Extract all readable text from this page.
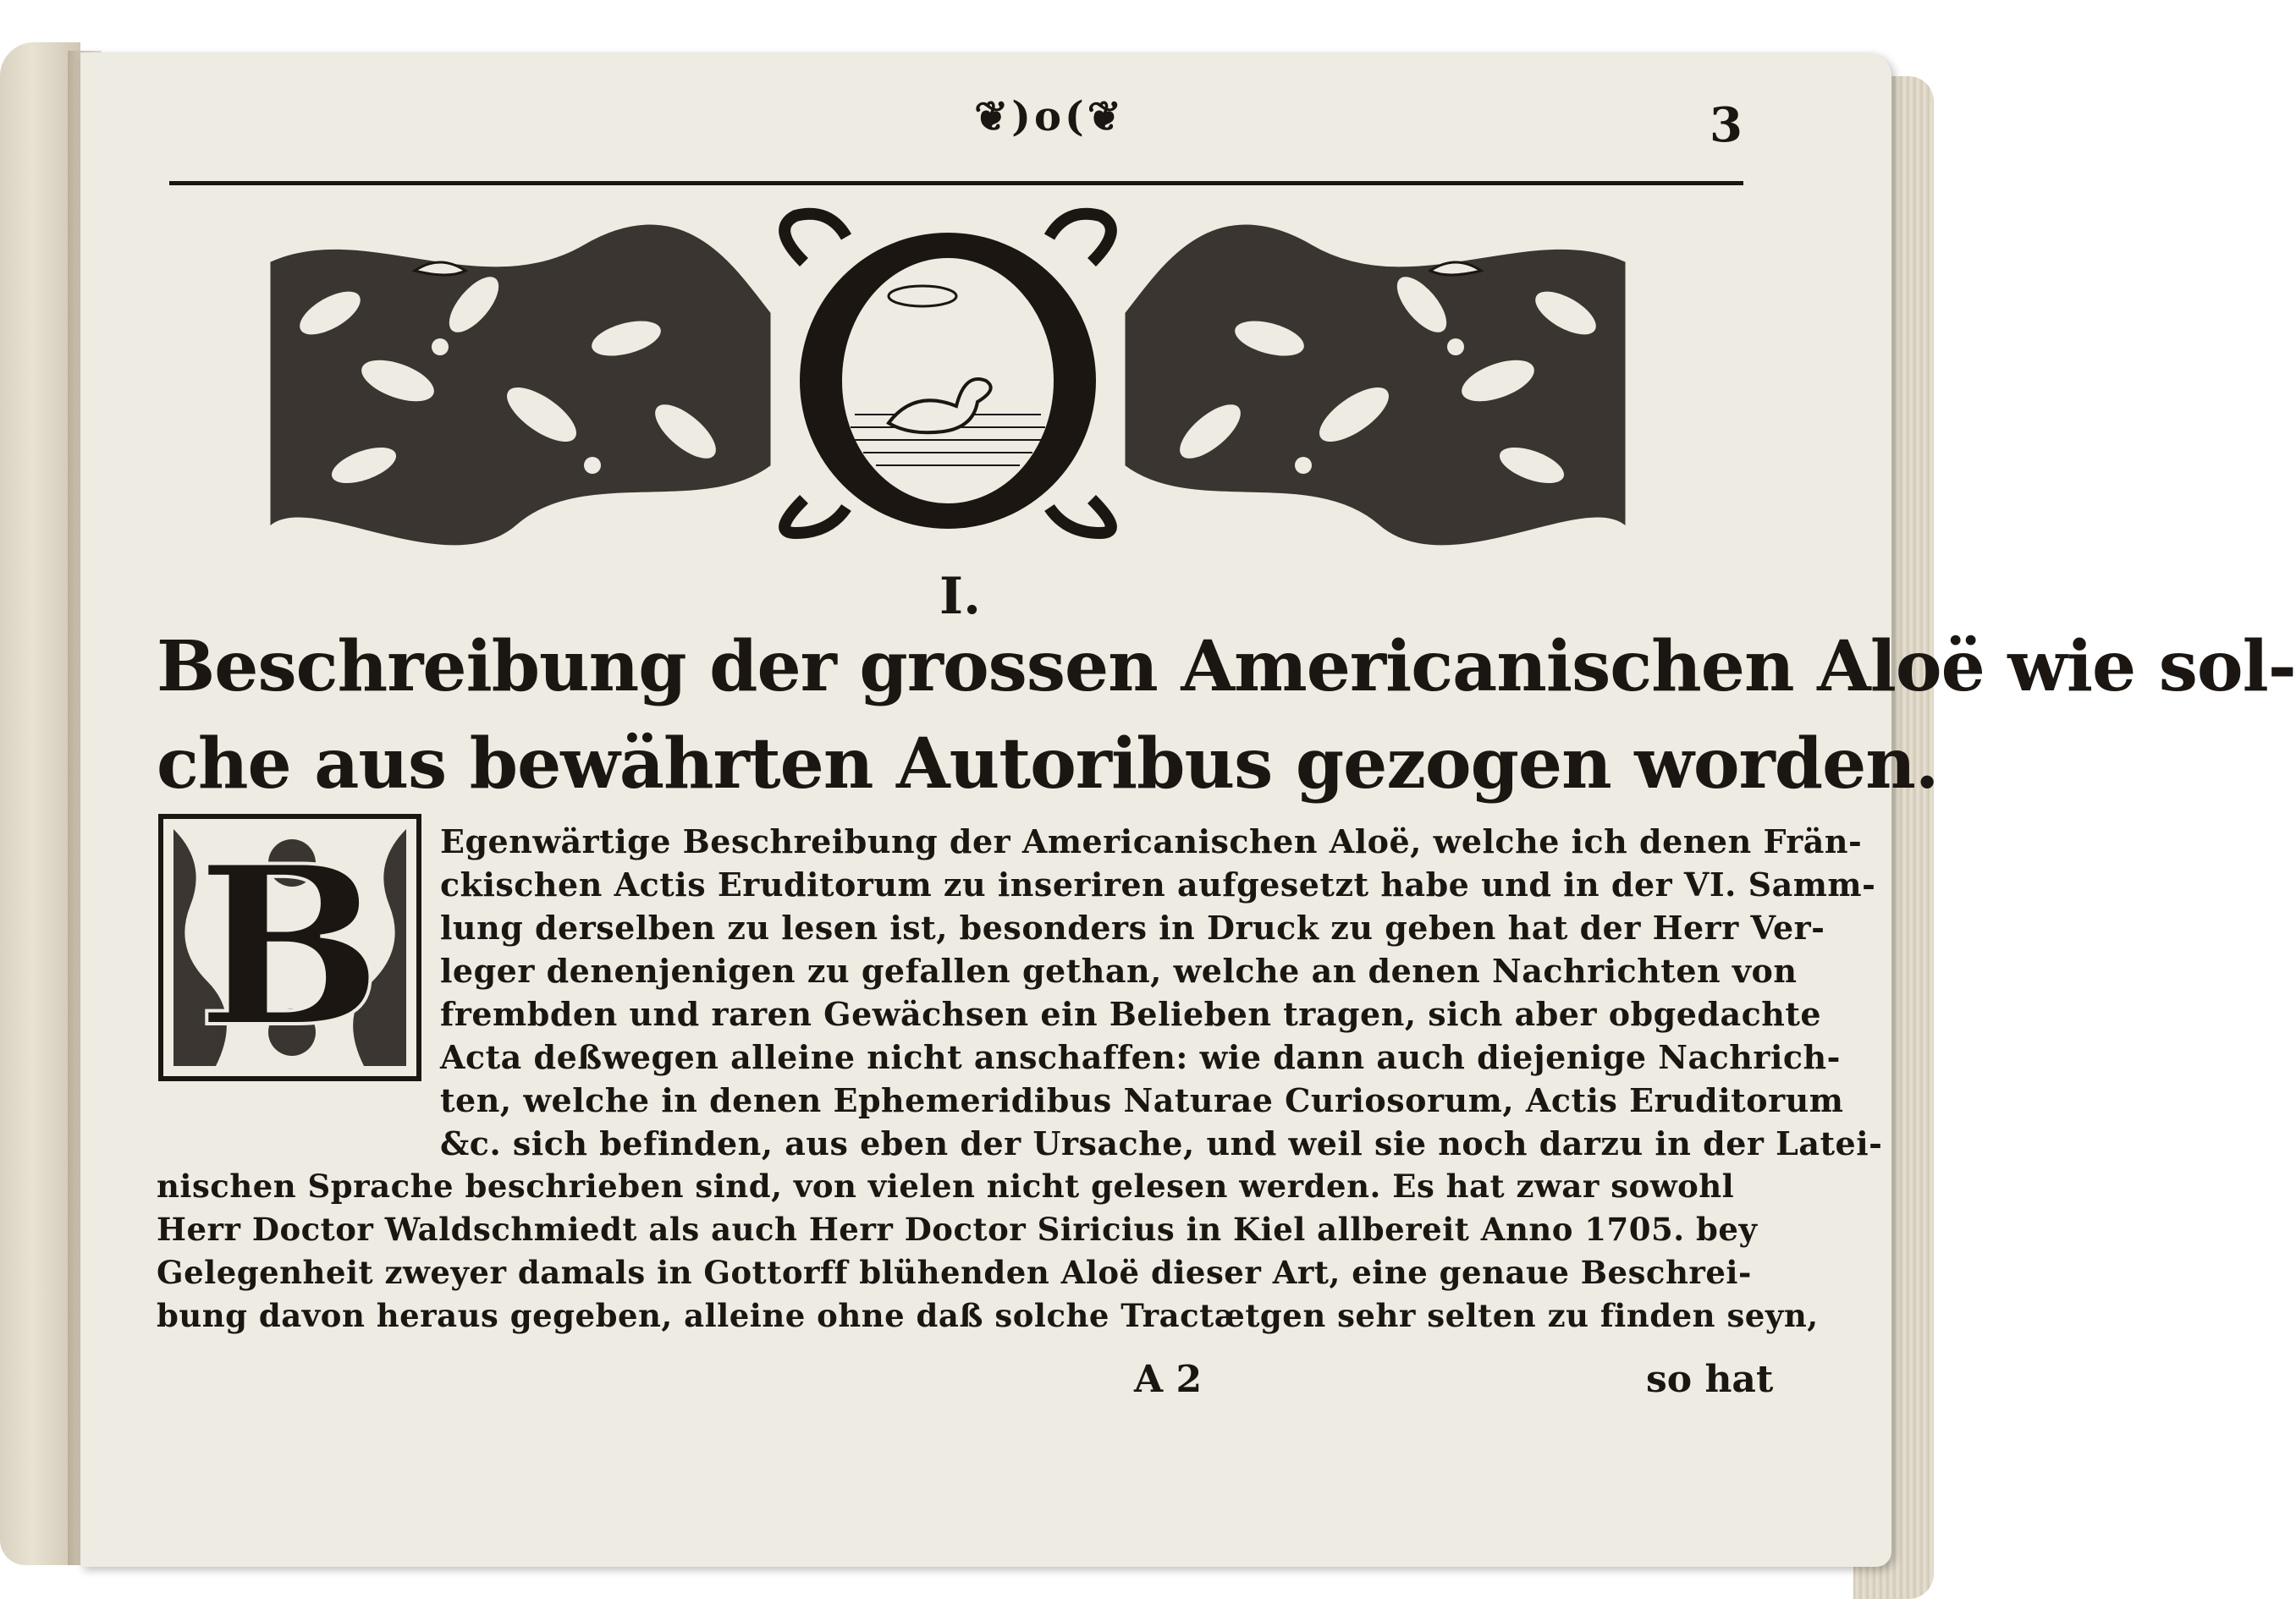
❦)o(❦	3
I.
Beschreibung der grossen Americanischen Aloë wie sol-
che aus bewährten Autoribus gezogen worden.
B Egenwärtige Beschreibung der Americanischen Aloë, welche ich denen Frän-
ckischen Actis Eruditorum zu inseriren aufgesetzt habe und in der VI. Samm-
lung derselben zu lesen ist, besonders in Druck zu geben hat der Herr Ver-
leger denenjenigen zu gefallen gethan, welche an denen Nachrichten von
frembden und raren Gewächsen ein Belieben tragen, sich aber obgedachte
Acta deßwegen alleine nicht anschaffen: wie dann auch diejenige Nachrich-
ten, welche in denen Ephemeridibus Naturae Curiosorum, Actis Eruditorum
&c. sich befinden, aus eben der Ursache, und weil sie noch darzu in der Latei-
nischen Sprache beschrieben sind, von vielen nicht gelesen werden. Es hat zwar sowohl
Herr Doctor Waldschmiedt als auch Herr Doctor Siricius in Kiel allbereit Anno 1705. bey
Gelegenheit zweyer damals in Gottorff blühenden Aloë dieser Art, eine genaue Beschrei-
bung davon heraus gegeben, alleine ohne daß solche Tractætgen sehr selten zu finden seyn,
A 2	so hat
